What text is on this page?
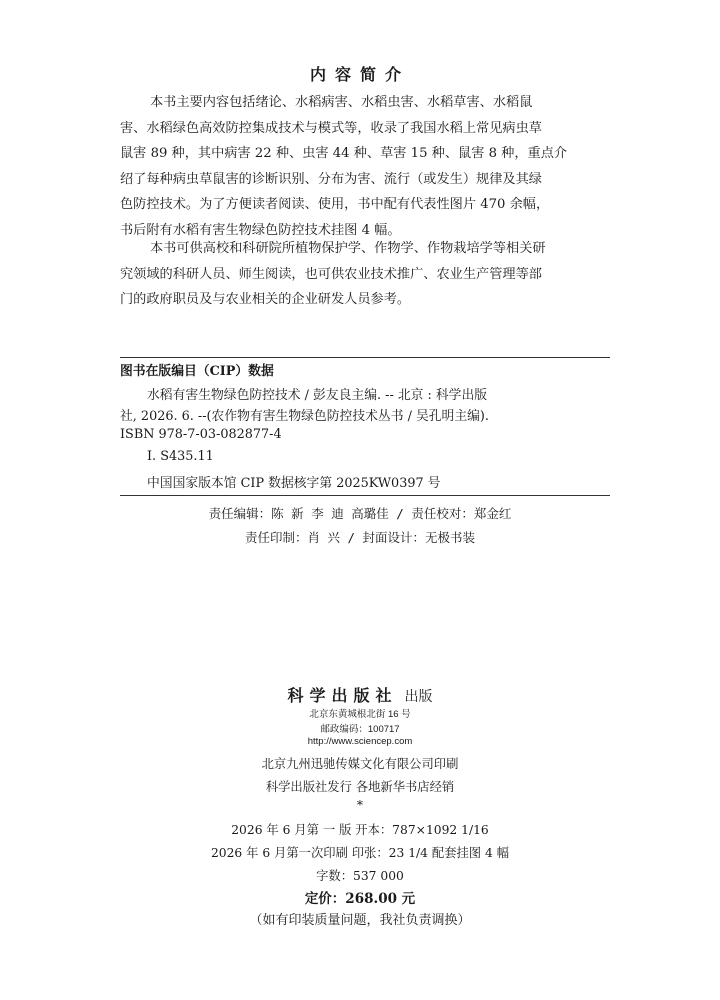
内容简介
本书主要内容包括绪论、水稻病害、水稻虫害、水稻草害、水稻鼠
害、水稻绿色高效防控集成技术与模式等，收录了我国水稻上常见病虫草
鼠害 89 种，其中病害 22 种、虫害 44 种、草害 15 种、鼠害 8 种，重点介
绍了每种病虫草鼠害的诊断识别、分布为害、流行（或发生）规律及其绿
色防控技术。为了方便读者阅读、使用，书中配有代表性图片 470 余幅，
书后附有水稻有害生物绿色防控技术挂图 4 幅。
本书可供高校和科研院所植物保护学、作物学、作物栽培学等相关研
究领域的科研人员、师生阅读，也可供农业技术推广、农业生产管理等部
门的政府职员及与农业相关的企业研发人员参考。
图书在版编目（CIP）数据
水稻有害生物绿色防控技术 / 彭友良主编. -- 北京 : 科学出版
社, 2026. 6. --(农作物有害生物绿色防控技术丛书 / 吴孔明主编).
ISBN 978-7-03-082877-4
Ⅰ. S435.11
中国国家版本馆 CIP 数据核字第 2025KW0397 号
责任编辑：陈 新 李 迪 高璐佳 / 责任校对：郑金红
责任印制：肖 兴 / 封面设计：无极书装
科学出版社 出版
北京东黄城根北街 16 号
邮政编码：100717
http://www.sciencep.com
北京九州迅驰传媒文化有限公司印刷
科学出版社发行 各地新华书店经销
*
2026 年 6 月第 一 版 开本：787×1092 1/16
2026 年 6 月第一次印刷 印张：23 1/4 配套挂图 4 幅
字数：537 000
定价：268.00 元
（如有印装质量问题，我社负责调换）
